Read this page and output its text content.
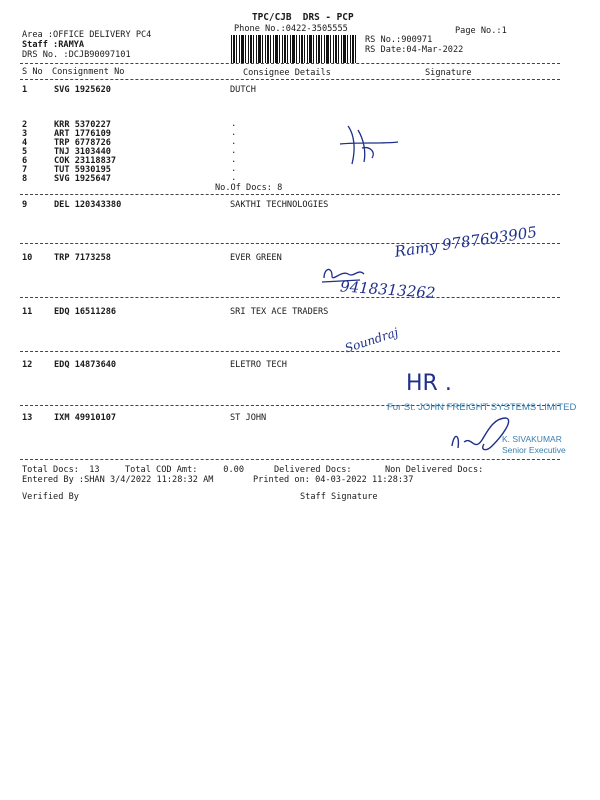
TPC/CJB  DRS - PCP
Phone No.:0422-3505555	Page No.:1
Area :OFFICE DELIVERY PC4
Staff :RAMYA
DRS No. :DCJB90097101
RS No.:900971
RS Date:04-Mar-2022
S No Consignment No	Consignee Details	Signature
1	SVG 1925620	DUTCH
2	KRR 5370227	.
3	ART 1776109	.
4	TRP 6778726	.
5	TNJ 3103440	.
6	COK 23118837	.
7	TUT 5930195	.
8	SVG 1925647	.
No.Of Docs: 8
9	DEL 120343380	SAKTHI TECHNOLOGIES
Ramy 9787693905
10	TRP 7173258	EVER GREEN
9418313262
11	EDQ 16511286	SRI TEX ACE TRADERS
Soundraj
12	EDQ 14873640	ELETRO TECH
HR .
13	IXM 49910107	ST JOHN
For St. JOHN FREIGHT SYSTEMS LIMITED
K. SIVAKUMAR
Senior Executive
Total Docs:  13	Total COD Amt:     0.00	Delivered Docs:	Non Delivered Docs:
Entered By :SHAN 3/4/2022 11:28:32 AM	Printed on: 04-03-2022 11:28:37
Verified By	Staff Signature
